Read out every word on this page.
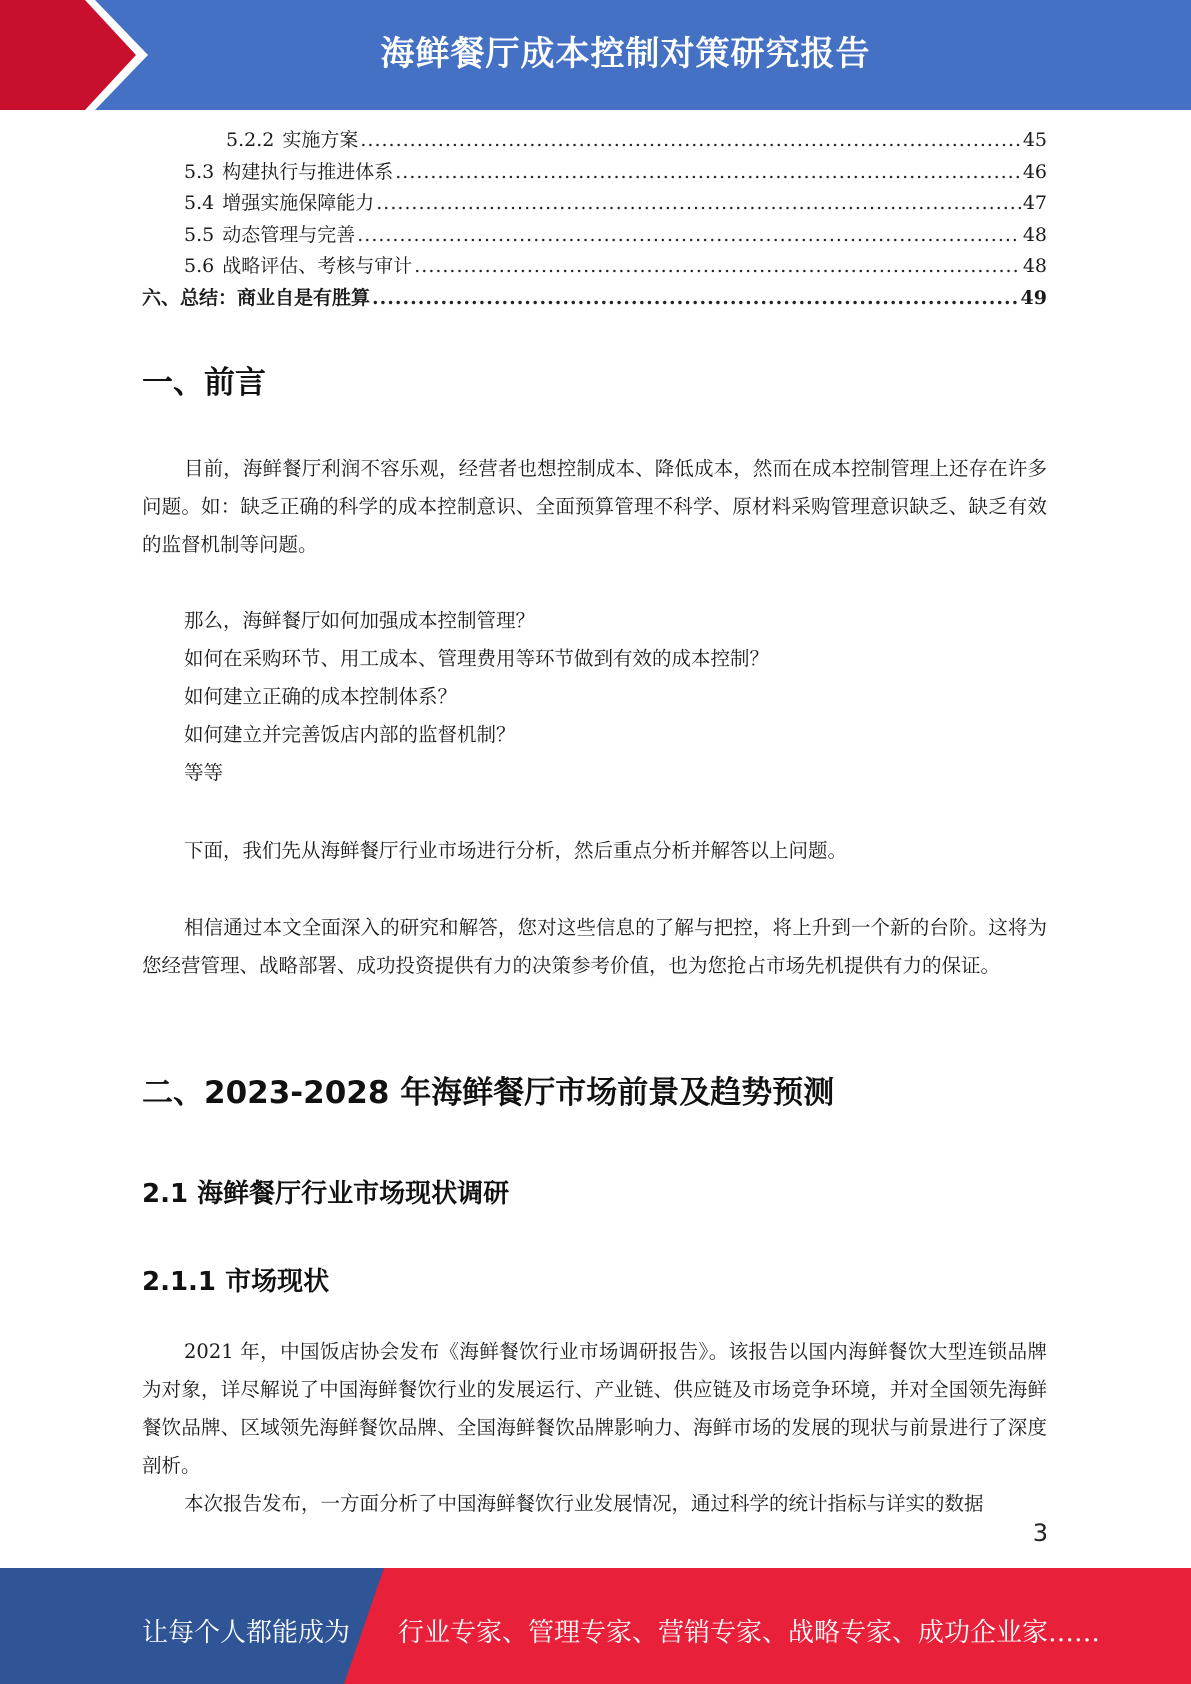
海鲜餐厅成本控制对策研究报告
5.2.2 实施方案 .....	45
5.3 构建执行与推进体系 .....	46
5.4 增强实施保障能力 .....	47
5.5 动态管理与完善 .....	48
5.6 战略评估、考核与审计 .....	48
六、总结：商业自是有胜算 .....	49
一、前言

目前，海鲜餐厅利润不容乐观，经营者也想控制成本、降低成本，然而在成本控制管理上还存在许多问题。如：缺乏正确的科学的成本控制意识、全面预算管理不科学、原材料采购管理意识缺乏、缺乏有效的监督机制等问题。

那么，海鲜餐厅如何加强成本控制管理？

如何在采购环节、用工成本、管理费用等环节做到有效的成本控制？

如何建立正确的成本控制体系？

如何建立并完善饭店内部的监督机制？

等等

下面，我们先从海鲜餐厅行业市场进行分析，然后重点分析并解答以上问题。

相信通过本文全面深入的研究和解答，您对这些信息的了解与把控，将上升到一个新的台阶。这将为您经营管理、战略部署、成功投资提供有力的决策参考价值，也为您抢占市场先机提供有力的保证。

二、2023-2028 年海鲜餐厅市场前景及趋势预测
2.1 海鲜餐厅行业市场现状调研
2.1.1 市场现状

2021 年，中国饭店协会发布《海鲜餐饮行业市场调研报告》。该报告以国内海鲜餐饮大型连锁品牌为对象，详尽解说了中国海鲜餐饮行业的发展运行、产业链、供应链及市场竞争环境，并对全国领先海鲜餐饮品牌、区域领先海鲜餐饮品牌、全国海鲜餐饮品牌影响力、海鲜市场的发展的现状与前景进行了深度剖析。

本次报告发布，一方面分析了中国海鲜餐饮行业发展情况，通过科学的统计指标与详实的数据

3
让每个人都能成为 行业专家、管理专家、营销专家、战略专家、成功企业家……
